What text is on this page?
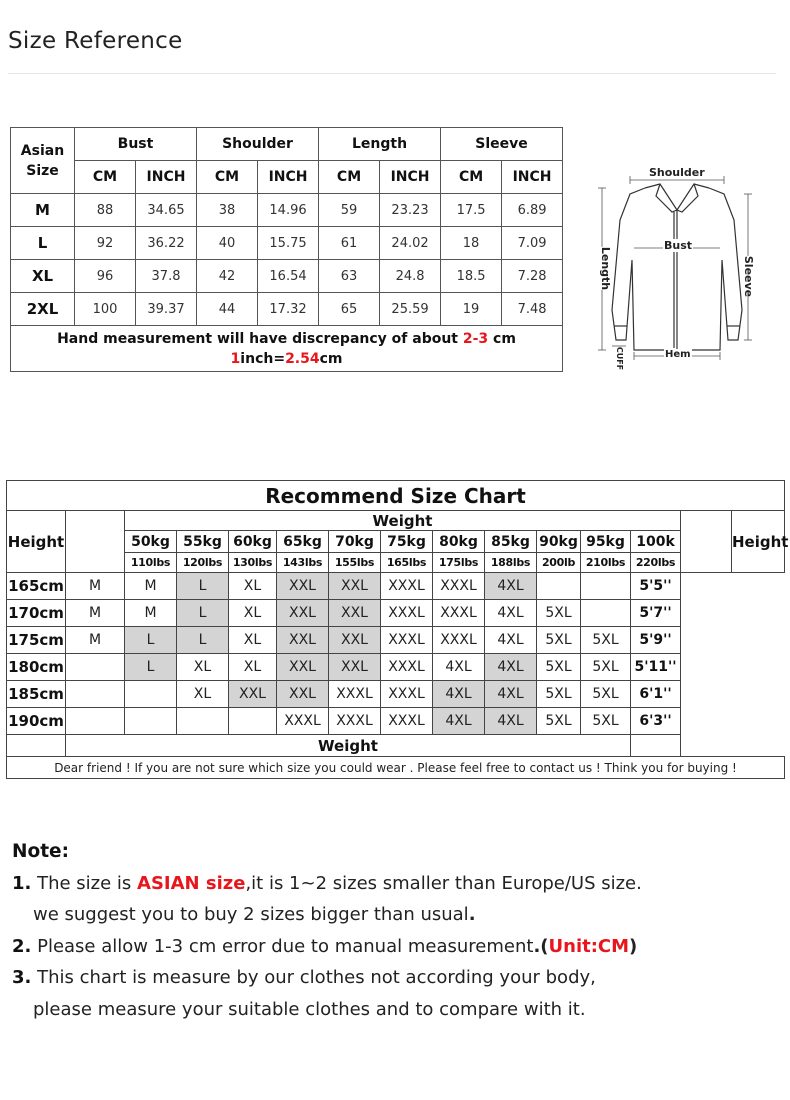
Size Reference
Asian
Size	Bust		Shoulder		Length		Sleeve	
	CM	INCH	CM	INCH	CM	INCH	CM	INCH
M	88	34.65	38	14.96	59	23.23	17.5	6.89
L	92	36.22	40	15.75	61	24.02	18	7.09
XL	96	37.8	42	16.54	63	24.8	18.5	7.28
2XL	100	39.37	44	17.32	65	25.59	19	7.48
Hand measurement will have discrepancy of about 2-3 cm
1inch=2.54cm								
Shoulder
Bust
Length	Sleeve
CUFF	Hem
Recommend Size Chart														
Height		Weight												Height
		50kg	55kg	60kg	65kg	70kg	75kg	80kg	85kg	90kg	95kg	100k		
		110lbs	120lbs	130lbs	143lbs	155lbs	165lbs	175lbs	188lbs	200lb	210lbs	220lbs		
165cm	M	M	L	XL	XXL	XXL	XXXL	XXXL	4XL			5'5''		
170cm	M	M	L	XL	XXL	XXL	XXXL	XXXL	4XL	5XL		5'7''		
175cm	M	L	L	XL	XXL	XXL	XXXL	XXXL	4XL	5XL	5XL	5'9''		
180cm		L	XL	XL	XXL	XXL	XXXL	4XL	4XL	5XL	5XL	5'11''		
185cm			XL	XXL	XXL	XXXL	XXXL	4XL	4XL	5XL	5XL	6'1''		
190cm					XXXL	XXXL	XXXL	4XL	4XL	5XL	5XL	6'3''		
	Weight													
Dear friend ! If you are not sure which size you could wear . Please feel free to contact us ! Think you for buying !														
Note:
1. The size is ASIAN size,it is 1~2 sizes smaller than Europe/US size.
we suggest you to buy 2 sizes bigger than usual.
2. Please allow 1-3 cm error due to manual measurement.(Unit:CM)
3. This chart is measure by our clothes not according your body,
please measure your suitable clothes and to compare with it.
